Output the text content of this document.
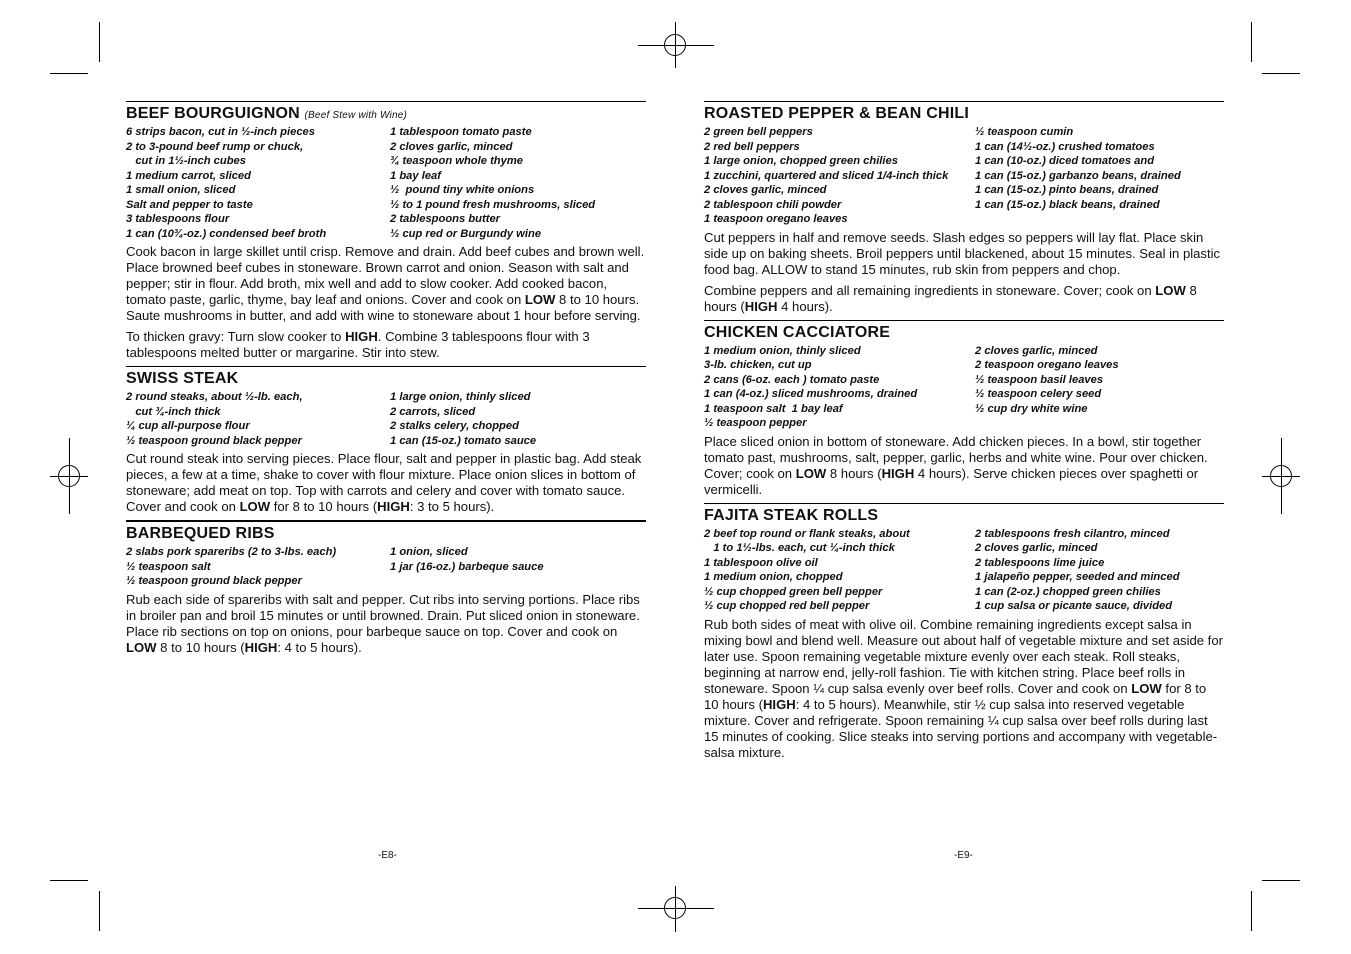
BEEF BOURGUIGNON (Beef Stew with Wine)
6 strips bacon, cut in ½-inch pieces
2 to 3-pound beef rump or chuck,
cut in 1½-inch cubes
1 medium carrot, sliced
1 small onion, sliced
Salt and pepper to taste
3 tablespoons flour
1 can (10¾-oz.) condensed beef broth
1 tablespoon tomato paste
2 cloves garlic, minced
¾ teaspoon whole thyme
1 bay leaf
½  pound tiny white onions
½ to 1 pound fresh mushrooms, sliced
2 tablespoons butter
½ cup red or Burgundy wine

Cook bacon in large skillet until crisp. Remove and drain. Add beef cubes and brown well. Place browned beef cubes in stoneware. Brown carrot and onion. Season with salt and pepper; stir in flour. Add broth, mix well and add to slow cooker. Add cooked bacon, tomato paste, garlic, thyme, bay leaf and onions. Cover and cook on LOW 8 to 10 hours. Saute mushrooms in butter, and add with wine to stoneware about 1 hour before serving.

To thicken gravy: Turn slow cooker to HIGH. Combine 3 tablespoons flour with 3 tablespoons melted butter or margarine. Stir into stew.

SWISS STEAK
2 round steaks, about ½-lb. each,
cut ¾-inch thick
¼ cup all-purpose flour
½ teaspoon ground black pepper
1 large onion, thinly sliced
2 carrots, sliced
2 stalks celery, chopped
1 can (15-oz.) tomato sauce

Cut round steak into serving pieces. Place flour, salt and pepper in plastic bag. Add steak pieces, a few at a time, shake to cover with flour mixture. Place onion slices in bottom of stoneware; add meat on top. Top with carrots and celery and cover with tomato sauce. Cover and cook on LOW for 8 to 10 hours (HIGH: 3 to 5 hours).

BARBEQUED RIBS
2 slabs pork spareribs (2 to 3-lbs. each)
½ teaspoon salt
½ teaspoon ground black pepper
1 onion, sliced
1 jar (16-oz.) barbeque sauce

Rub each side of spareribs with salt and pepper. Cut ribs into serving portions. Place ribs in broiler pan and broil 15 minutes or until browned. Drain. Put sliced onion in stoneware. Place rib sections on top on onions, pour barbeque sauce on top. Cover and cook on LOW 8 to 10 hours (HIGH: 4 to 5 hours).

-E8-
ROASTED PEPPER & BEAN CHILI
2 green bell peppers
2 red bell peppers
1 large onion, chopped green chilies
1 zucchini, quartered and sliced 1/4-inch thick
2 cloves garlic, minced
2 tablespoon chili powder
1 teaspoon oregano leaves
½ teaspoon cumin
1 can (14½-oz.) crushed tomatoes
1 can (10-oz.) diced tomatoes and
1 can (15-oz.) garbanzo beans, drained
1 can (15-oz.) pinto beans, drained
1 can (15-oz.) black beans, drained

Cut peppers in half and remove seeds. Slash edges so peppers will lay flat. Place skin side up on baking sheets. Broil peppers until blackened, about 15 minutes. Seal in plastic food bag. ALLOW to stand 15 minutes, rub skin from peppers and chop.

Combine peppers and all remaining ingredients in stoneware. Cover; cook on LOW 8 hours (HIGH 4 hours).

CHICKEN CACCIATORE
1 medium onion, thinly sliced
3-lb. chicken, cut up
2 cans (6-oz. each ) tomato paste
1 can (4-oz.) sliced mushrooms, drained
1 teaspoon salt  1 bay leaf
½ teaspoon pepper
2 cloves garlic, minced
2 teaspoon oregano leaves
½ teaspoon basil leaves
½ teaspoon celery seed
½ cup dry white wine

Place sliced onion in bottom of stoneware. Add chicken pieces. In a bowl, stir together tomato past, mushrooms, salt, pepper, garlic, herbs and white wine. Pour over chicken. Cover; cook on LOW 8 hours (HIGH 4 hours). Serve chicken pieces over spaghetti or vermicelli.

FAJITA STEAK ROLLS
2 beef top round or flank steaks, about
1 to 1½-lbs. each, cut ¼-inch thick
1 tablespoon olive oil
1 medium onion, chopped
½ cup chopped green bell pepper
½ cup chopped red bell pepper
2 tablespoons fresh cilantro, minced
2 cloves garlic, minced
2 tablespoons lime juice
1 jalapeño pepper, seeded and minced
1 can (2-oz.) chopped green chilies
1 cup salsa or picante sauce, divided

Rub both sides of meat with olive oil. Combine remaining ingredients except salsa in mixing bowl and blend well. Measure out about half of vegetable mixture and set aside for later use. Spoon remaining vegetable mixture evenly over each steak. Roll steaks, beginning at narrow end, jelly-roll fashion. Tie with kitchen string. Place beef rolls in stoneware. Spoon ¼ cup salsa evenly over beef rolls. Cover and cook on LOW for 8 to 10 hours (HIGH: 4 to 5 hours). Meanwhile, stir ½ cup salsa into reserved vegetable mixture. Cover and refrigerate. Spoon remaining ¼ cup salsa over beef rolls during last 15 minutes of cooking. Slice steaks into serving portions and accompany with vegetable-salsa mixture.

-E9-
